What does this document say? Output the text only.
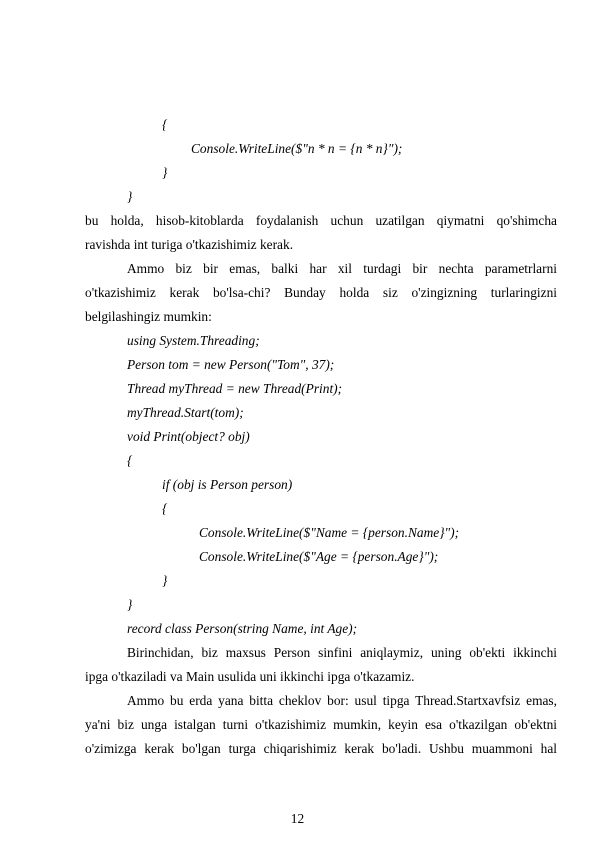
{
Console.WriteLine($"n * n = {n * n}");
}
}
bu holda, hisob-kitoblarda foydalanish uchun uzatilgan qiymatni qo'shimcha
ravishda int turiga o'tkazishimiz kerak.
Ammo biz bir emas, balki har xil turdagi bir nechta parametrlarni
o'tkazishimiz kerak bo'lsa-chi? Bunday holda siz o'zingizning turlaringizni
belgilashingiz mumkin:
using System.Threading;
Person tom = new Person("Tom", 37);
Thread myThread = new Thread(Print);
myThread.Start(tom);
void Print(object? obj)
{
if (obj is Person person)
{
Console.WriteLine($"Name = {person.Name}");
Console.WriteLine($"Age = {person.Age}");
}
}
record class Person(string Name, int Age);
Birinchidan, biz maxsus Person sinfini aniqlaymiz, uning ob'ekti ikkinchi
ipga o'tkaziladi va Main usulida uni ikkinchi ipga o'tkazamiz.
Ammo bu erda yana bitta cheklov bor: usul tipga Thread.Startxavfsiz emas,
ya'ni biz unga istalgan turni o'tkazishimiz mumkin, keyin esa o'tkazilgan ob'ektni
o'zimizga kerak bo'lgan turga chiqarishimiz kerak bo'ladi. Ushbu muammoni hal
12
